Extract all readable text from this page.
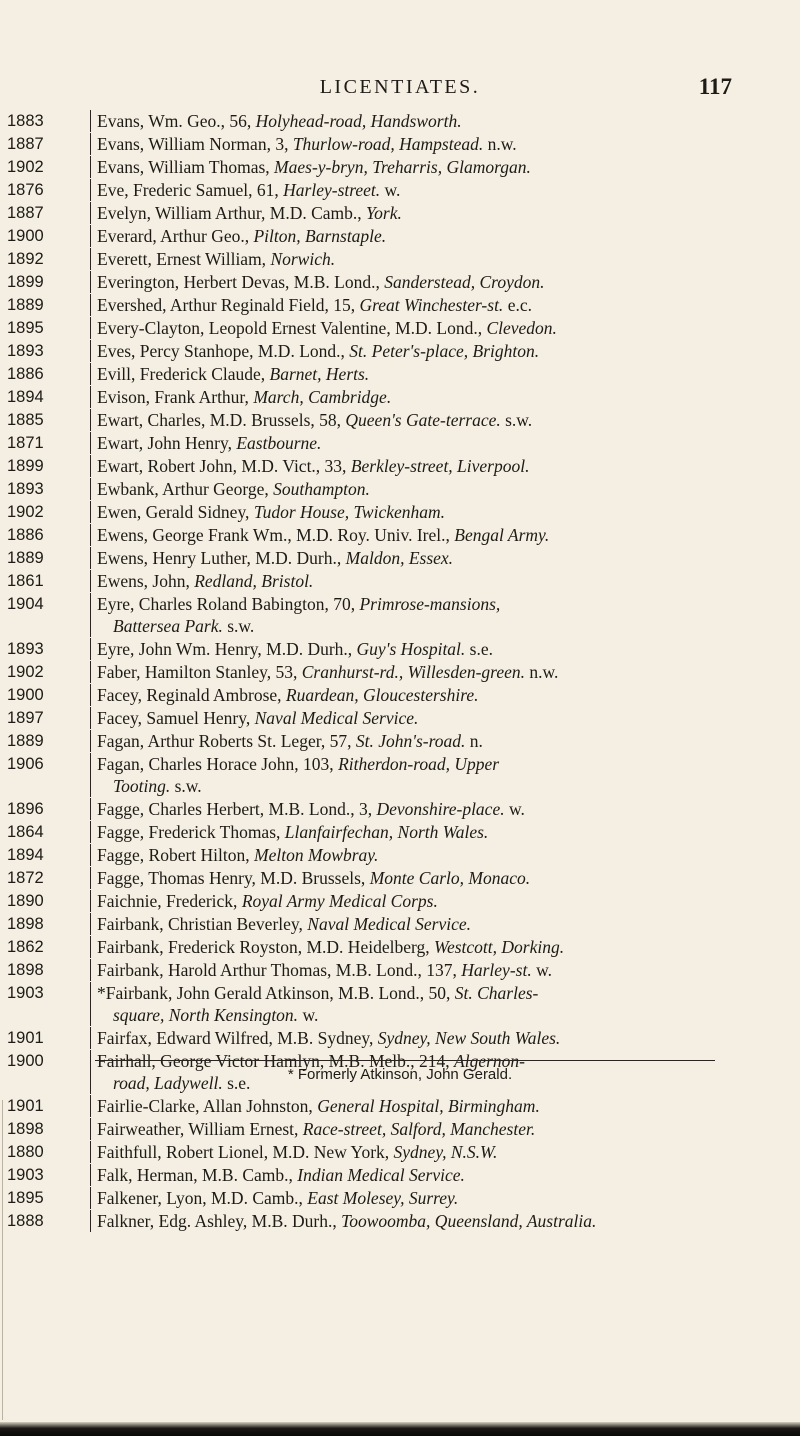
LICENTIATES.	117
1883	Evans, Wm. Geo., 56, Holyhead-road, Handsworth.
1887	Evans, William Norman, 3, Thurlow-road, Hampstead. n.w.
1902	Evans, William Thomas, Maes-y-bryn, Treharris, Glamorgan.
1876	Eve, Frederic Samuel, 61, Harley-street. w.
1887	Evelyn, William Arthur, M.D. Camb., York.
1900	Everard, Arthur Geo., Pilton, Barnstaple.
1892	Everett, Ernest William, Norwich.
1899	Everington, Herbert Devas, M.B. Lond., Sanderstead, Croydon.
1889	Evershed, Arthur Reginald Field, 15, Great Winchester-st. e.c.
1895	Every-Clayton, Leopold Ernest Valentine, M.D. Lond., Clevedon.
1893	Eves, Percy Stanhope, M.D. Lond., St. Peter's-place, Brighton.
1886	Evill, Frederick Claude, Barnet, Herts.
1894	Evison, Frank Arthur, March, Cambridge.
1885	Ewart, Charles, M.D. Brussels, 58, Queen's Gate-terrace. s.w.
1871	Ewart, John Henry, Eastbourne.
1899	Ewart, Robert John, M.D. Vict., 33, Berkley-street, Liverpool.
1893	Ewbank, Arthur George, Southampton.
1902	Ewen, Gerald Sidney, Tudor House, Twickenham.
1886	Ewens, George Frank Wm., M.D. Roy. Univ. Irel., Bengal Army.
1889	Ewens, Henry Luther, M.D. Durh., Maldon, Essex.
1861	Ewens, John, Redland, Bristol.
1904	Eyre, Charles Roland Babington, 70, Primrose-mansions,
Battersea Park. s.w.
1893	Eyre, John Wm. Henry, M.D. Durh., Guy's Hospital. s.e.
1902	Faber, Hamilton Stanley, 53, Cranhurst-rd., Willesden-green. n.w.
1900	Facey, Reginald Ambrose, Ruardean, Gloucestershire.
1897	Facey, Samuel Henry, Naval Medical Service.
1889	Fagan, Arthur Roberts St. Leger, 57, St. John's-road. n.
1906	Fagan, Charles Horace John, 103, Ritherdon-road, Upper
Tooting. s.w.
1896	Fagge, Charles Herbert, M.B. Lond., 3, Devonshire-place. w.
1864	Fagge, Frederick Thomas, Llanfairfechan, North Wales.
1894	Fagge, Robert Hilton, Melton Mowbray.
1872	Fagge, Thomas Henry, M.D. Brussels, Monte Carlo, Monaco.
1890	Faichnie, Frederick, Royal Army Medical Corps.
1898	Fairbank, Christian Beverley, Naval Medical Service.
1862	Fairbank, Frederick Royston, M.D. Heidelberg, Westcott, Dorking.
1898	Fairbank, Harold Arthur Thomas, M.B. Lond., 137, Harley-st. w.
1903	*Fairbank, John Gerald Atkinson, M.B. Lond., 50, St. Charles-
square, North Kensington. w.
1901	Fairfax, Edward Wilfred, M.B. Sydney, Sydney, New South Wales.
1900	Fairhall, George Victor Hamlyn, M.B. Melb., 214, Algernon-
road, Ladywell. s.e.
1901	Fairlie-Clarke, Allan Johnston, General Hospital, Birmingham.
1898	Fairweather, William Ernest, Race-street, Salford, Manchester.
1880	Faithfull, Robert Lionel, M.D. New York, Sydney, N.S.W.
1903	Falk, Herman, M.B. Camb., Indian Medical Service.
1895	Falkener, Lyon, M.D. Camb., East Molesey, Surrey.
1888	Falkner, Edg. Ashley, M.B. Durh., Toowoomba, Queensland, Australia.
* Formerly Atkinson, John Gerald.
